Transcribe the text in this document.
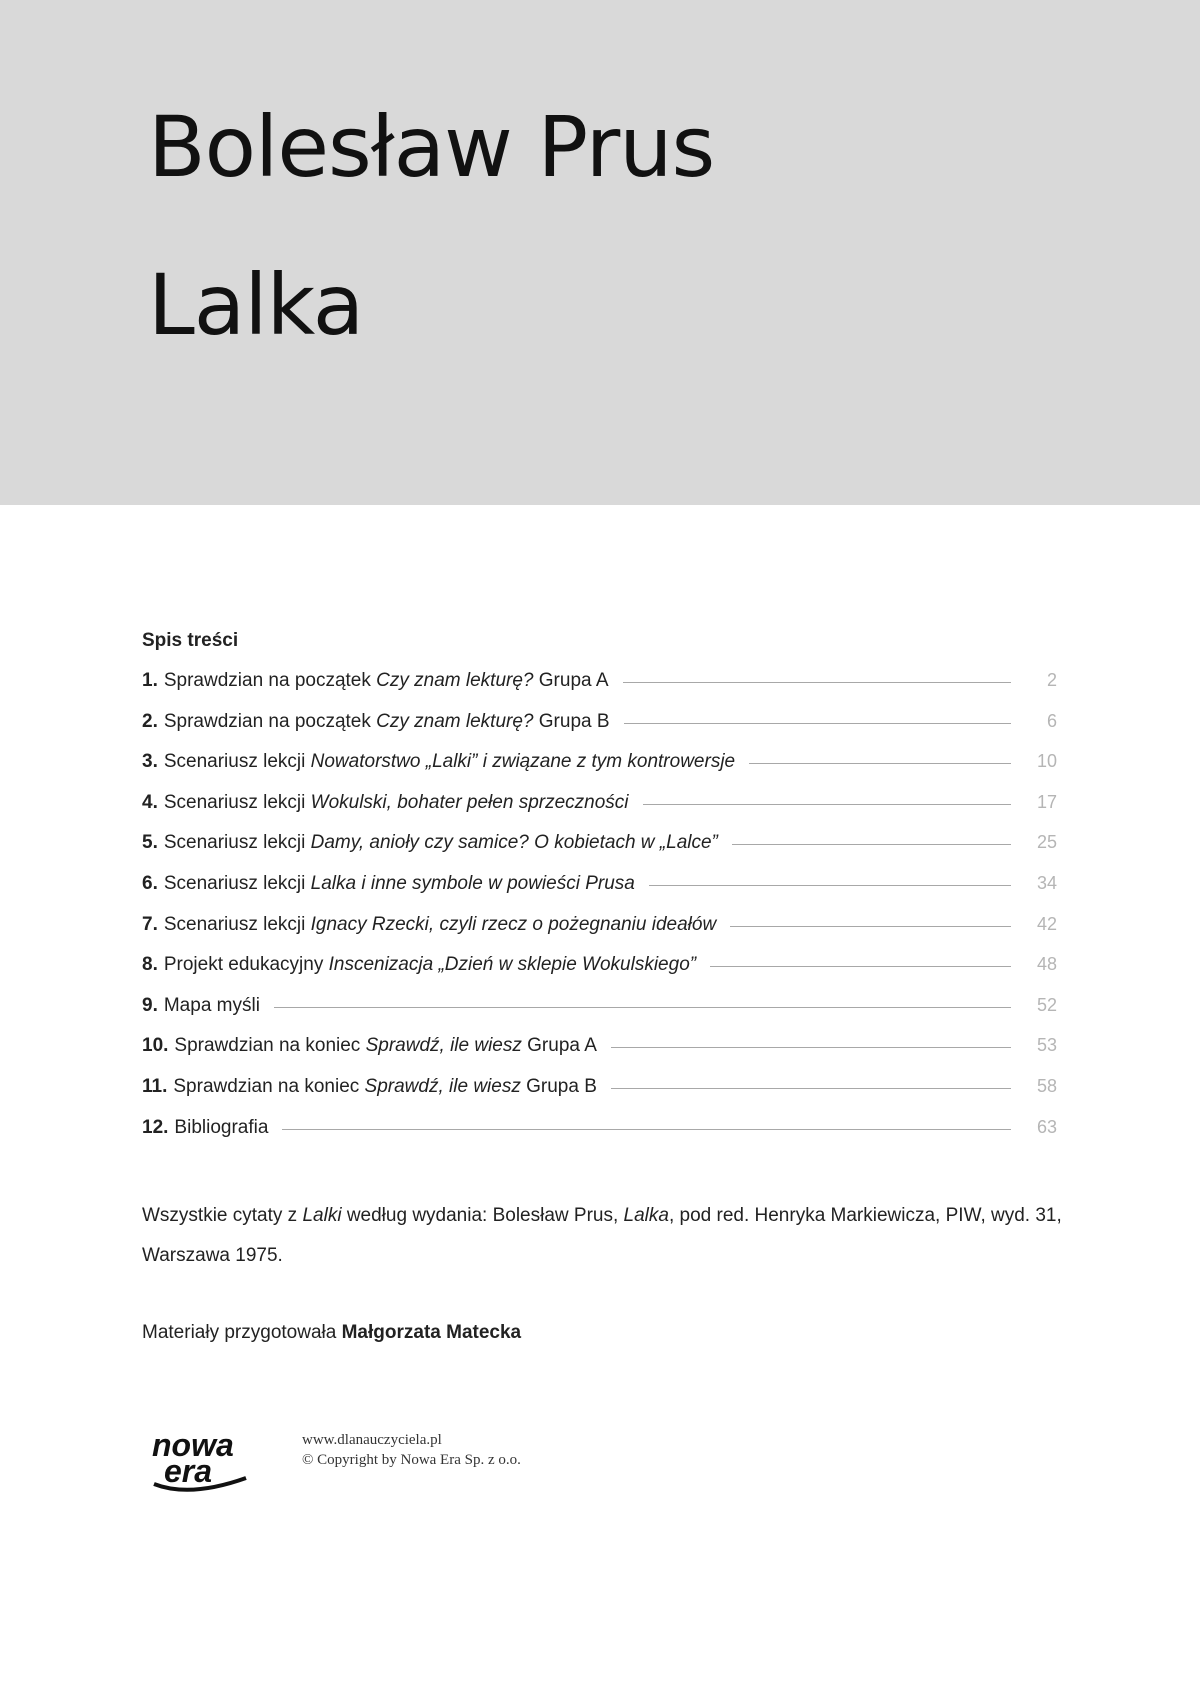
Bolesław Prus
Lalka
Spis treści
1. Sprawdzian na początek Czy znam lekturę? Grupa A	2
2. Sprawdzian na początek Czy znam lekturę? Grupa B	6
3. Scenariusz lekcji Nowatorstwo „Lalki” i związane z tym kontrowersje	10
4. Scenariusz lekcji Wokulski, bohater pełen sprzeczności	17
5. Scenariusz lekcji Damy, anioły czy samice? O kobietach w „Lalce”	25
6. Scenariusz lekcji Lalka i inne symbole w powieści Prusa	34
7. Scenariusz lekcji Ignacy Rzecki, czyli rzecz o pożegnaniu ideałów	42
8. Projekt edukacyjny Inscenizacja „Dzień w sklepie Wokulskiego”	48
9. Mapa myśli	52
10. Sprawdzian na koniec Sprawdź, ile wiesz Grupa A	53
11. Sprawdzian na koniec Sprawdź, ile wiesz Grupa B	58
12. Bibliografia	63
Wszystkie cytaty z Lalki według wydania: Bolesław Prus, Lalka, pod red. Henryka Markiewicza, PIW, wyd. 31, Warszawa 1975.
Materiały przygotowała Małgorzata Matecka
nowa
era
www.dlanauczyciela.pl
© Copyright by Nowa Era Sp. z o.o.
